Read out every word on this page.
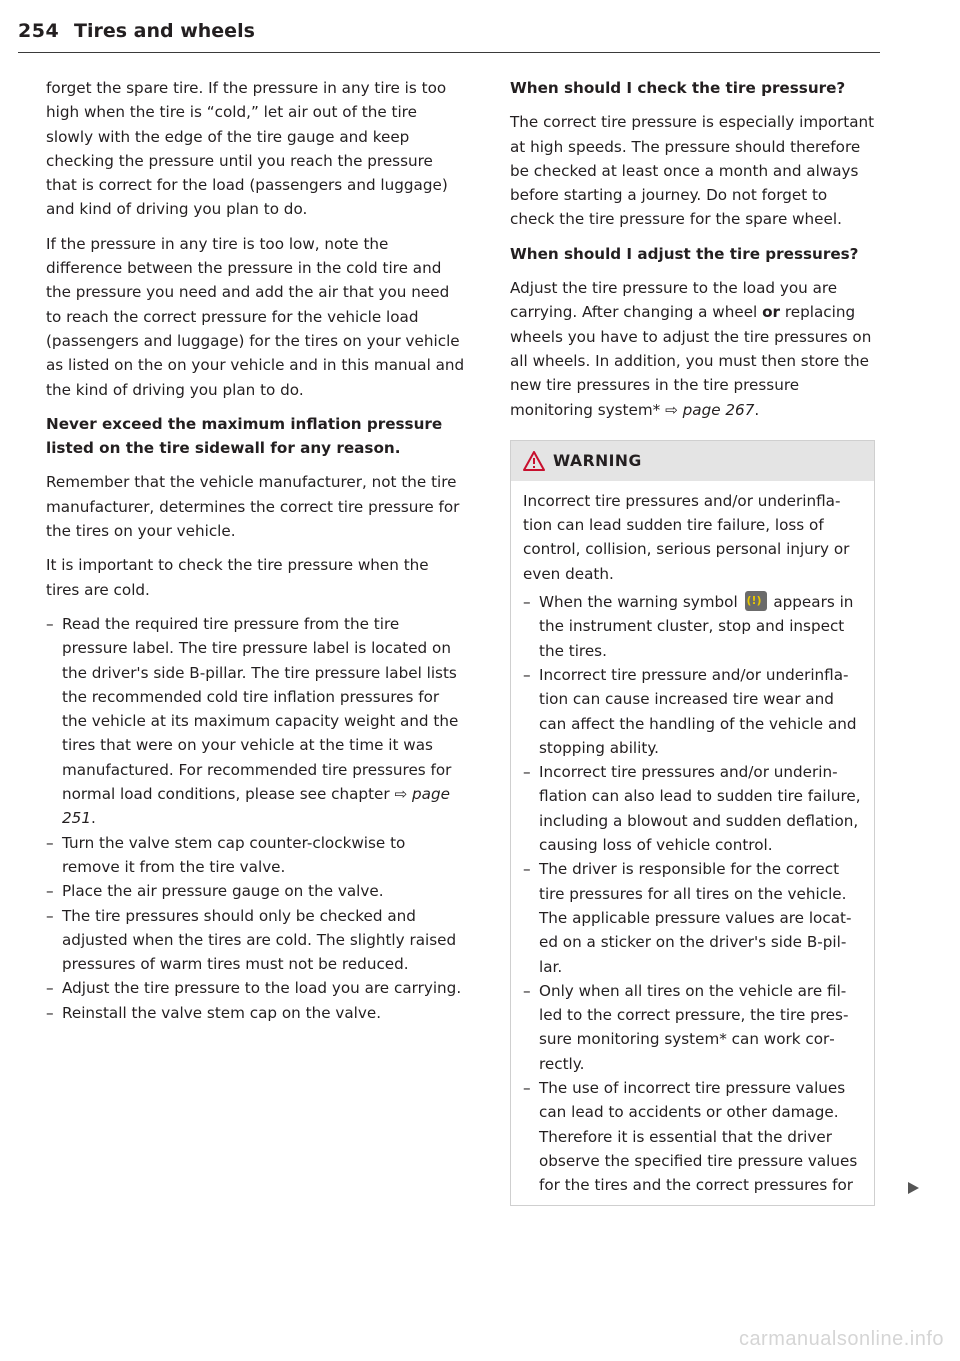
254 Tires and wheels

forget the spare tire. If the pressure in any tire is too high when the tire is “cold,” let air out of the tire slowly with the edge of the tire gauge and keep checking the pressure until you reach the pressure that is correct for the load (passengers and luggage) and kind of driving you plan to do.

If the pressure in any tire is too low, note the difference between the pressure in the cold tire and the pressure you need and add the air that you need to reach the correct pressure for the vehicle load (passengers and luggage) for the tires on your vehicle as listed on the on your vehicle and in this manual and the kind of driving you plan to do.

Never exceed the maximum inflation pressure listed on the tire sidewall for any reason.

Remember that the vehicle manufacturer, not the tire manufacturer, determines the correct tire pressure for the tires on your vehicle.

It is important to check the tire pressure when the tires are cold.

– Read the required tire pressure from the tire pressure label. The tire pressure label is located on the driver's side B-pillar. The tire pressure label lists the recommended cold tire inflation pressures for the vehicle at its maximum capacity weight and the tires that were on your vehicle at the time it was manufactured. For recommended tire pressures for normal load conditions, please see chapter ⇨ page 251.
– Turn the valve stem cap counter-clockwise to remove it from the tire valve.
– Place the air pressure gauge on the valve.
– The tire pressures should only be checked and adjusted when the tires are cold. The slightly raised pressures of warm tires must not be reduced.
– Adjust the tire pressure to the load you are carrying.
– Reinstall the valve stem cap on the valve.
When should I check the tire pressure?

The correct tire pressure is especially important at high speeds. The pressure should therefore be checked at least once a month and always before starting a journey. Do not forget to check the tire pressure for the spare wheel.

When should I adjust the tire pressures?

Adjust the tire pressure to the load you are carrying. After changing a wheel or replacing wheels you have to adjust the tire pressures on all wheels. In addition, you must then store the new tire pressures in the tire pressure monitoring system* ⇨ page 267.

WARNING

Incorrect tire pressures and/or underinflation can lead sudden tire failure, loss of control, collision, serious personal injury or even death.

– When the warning symbol (!) appears in the instrument cluster, stop and inspect the tires.
– Incorrect tire pressure and/or underinflation can cause increased tire wear and can affect the handling of the vehicle and stopping ability.
– Incorrect tire pressures and/or underinflation can also lead to sudden tire failure, including a blowout and sudden deflation, causing loss of vehicle control.
– The driver is responsible for the correct tire pressures for all tires on the vehicle. The applicable pressure values are located on a sticker on the driver's side B-pillar.
– Only when all tires on the vehicle are filled to the correct pressure, the tire pressure monitoring system* can work correctly.
– The use of incorrect tire pressure values can lead to accidents or other damage. Therefore it is essential that the driver observe the specified tire pressure values for the tires and the correct pressures for
carmanualsonline.info
